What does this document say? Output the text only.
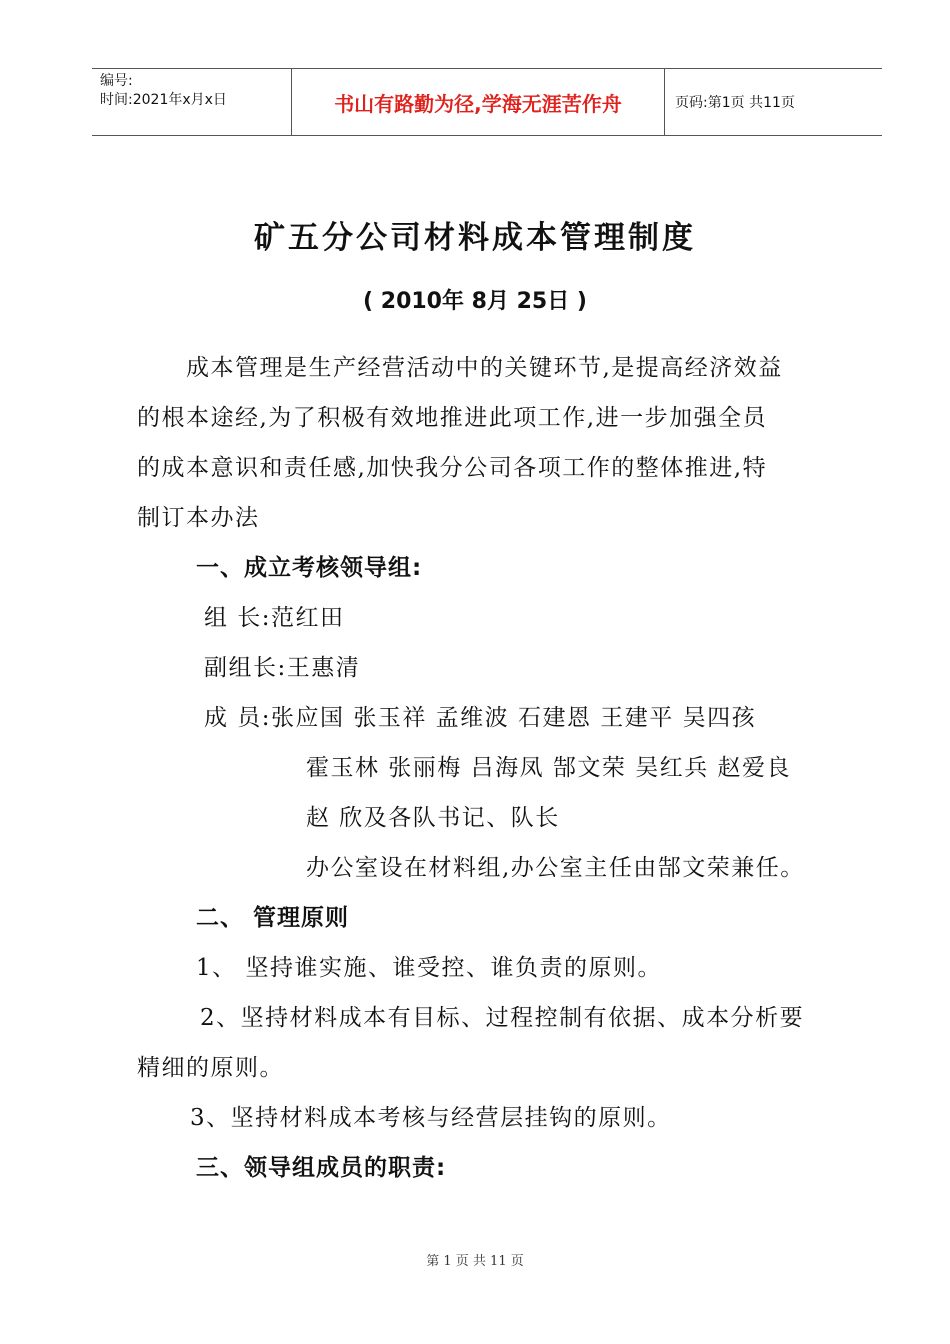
编号:
时间:2021年x月x日	书山有路勤为径,学海无涯苦作舟	页码:第1页 共11页
矿五分公司材料成本管理制度
( 2010年 8月 25日 )
成本管理是生产经营活动中的关键环节,是提高经济效益
的根本途经,为了积极有效地推进此项工作,进一步加强全员
的成本意识和责任感,加快我分公司各项工作的整体推进,特
制订本办法
一、成立考核领导组:
组 长:范红田
副组长:王惠清
成 员:张应国 张玉祥 孟维波 石建恩 王建平 吴四孩
霍玉林 张丽梅 吕海凤 郜文荣 吴红兵 赵爱良
赵 欣及各队书记、队长
办公室设在材料组,办公室主任由郜文荣兼任。
二、 管理原则
1、 坚持谁实施、谁受控、谁负责的原则。
2、坚持材料成本有目标、过程控制有依据、成本分析要
精细的原则。
3、坚持材料成本考核与经营层挂钩的原则。
三、领导组成员的职责:
第 1 页 共 11 页
